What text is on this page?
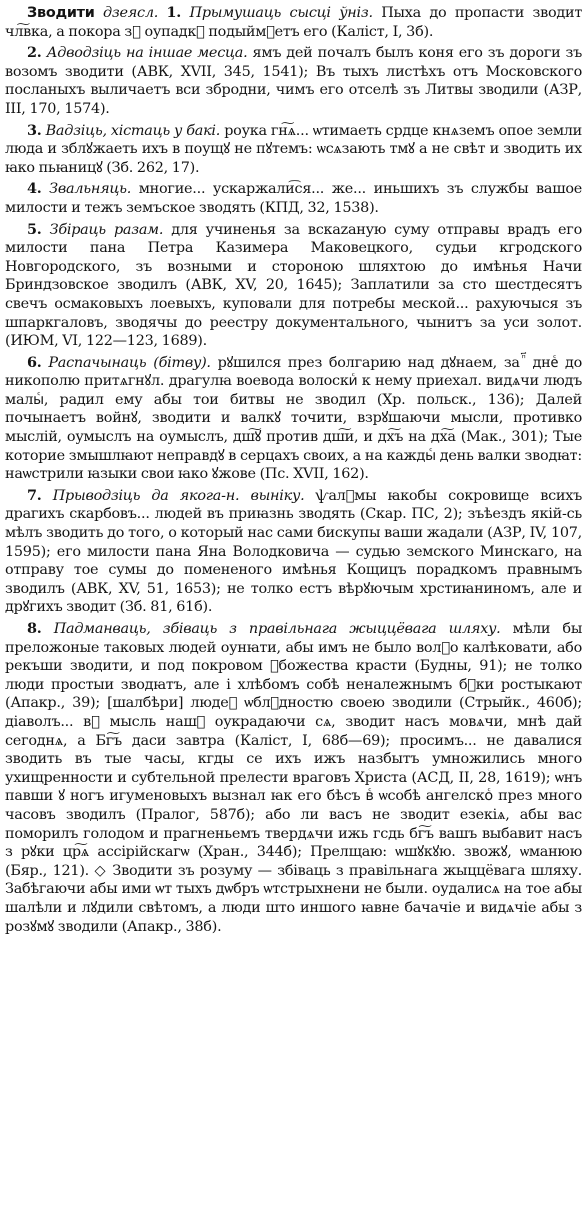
Зводити дзеясл. 1. Прымушаць сысці ўніз. Пыха до пропасти зводит чл͠вка, а покора зⷭ оупадкꙋ подыймꙋетъ его (Каліст, I, 3б).

2. Адводзіць на іншае месца. ямъ дей почалъ былъ коня его зъ дороги зъ возомъ зводити (АВК, XVII, 345, 1541); Въ тыхъ листѣхъ отъ Московского посланыхъ выличаетъ вси збродни, чимъ его отселѣ зъ Литвы зводили (АЗР, III, 170, 1574).

3. Вадзіць, хістаць у бакі. роука гн͠ѧ... ѡтимаеть срдце кнѧземъ опое земли люда и зблꙋжаеть ихъ в поущꙋ не пꙋтемъ: ѡсѧзають тмꙋ а не свѣт и зводить их ꙗко пьꙗницꙋ (Зб. 262, 17).

4. Звальняць. многие... ускаржали͡ся... же... иньшихъ зъ службы вашое милости и тежъ земъское зводять (КПД, 32, 1538).

5. Збіраць разам. для учиненья за вскazаную суму отправы врадъ его милости пана Петра Казимера Маковецкого, судьи кгродского Новгородского, зъ возными и стороною шляхтою до имѣнья Начи Бриндзовское зводилъ (АВК, XV, 20, 1645); Заплатили за сто шестдесятъ свечъ осмаковыхъ лоевыхъ, куповали для потребы меской... рахуючыся зъ шпаркгаловъ, зводячы до реестру документального, чынитъ за уси золот. (ИЮМ, VI, 122—123, 1689).

6. Распачынаць (бітву). рꙋшился през болгарию над дꙋнаем, за ⷫ҃ днеⷭ до никополю притѧгнꙋл. драгулꙗ воевода волоскиⷭ к нему приехал. видѧчи людъ малыⷭ, радил ему абы тои битвы не зводил (Хр. польск., 136); Далей почынаетъ войнꙋ, зводити и валкꙋ точити, взрꙋшаючи мысли, противко мыслій, оумыслъ на оумыслъ, дш͠ꙋ против дш͠и, и дх͠ъ на дх͠а (Мак., 301); Тые которие змышлꙗют неправдꙋ в серцахъ своих, а на каждыⷭ день валки зводꙗт: наѡстрили ꙗзыки свои ꙗко ꙋжове (Пс. XVII, 162).

7. Прыводзіць да якога-н. выніку. ѱалⷭмы ꙗкобы сокровище всихъ драгихъ скарбовъ... людей въ приꙗзнь зводять (Скар. ПС, 2); зъѣездъ якій-сь мѣлъ зводить до того, о который нас сами бискупы ваши жадали (АЗР, IV, 107, 1595); его милости пана Яна Володковича — судью земского Минскаго, на отправу тое сумы до помененого имѣнья Кощицъ порадкомъ правнымъ зводилъ (АВК, XV, 51, 1653); не толко естъ вѣрꙋючым хрстиꙗниномъ, але и дрꙋгихъ зводит (Зб. 81, 61б).

8. Падманваць, збіваць з правільнага жыццёвага шляху. мѣли бы преложоные таковых людей оунꙗти, абы имъ не было волⷩо калѣковати, або рекъши зводити, и под покровом ꙋбожества красти (Будны, 91); не толко люди простыи зводꙗтъ, але і хлѣбомъ собѣ неналежнымъ бꙋки ростыкают (Апакр., 39); [шалбѣри] людеⷭ ѡблꙋдностю своею зводили (Стрыйк., 460б); діаволъ... вⷭ мысль нашꙋ оукрадаючи сѧ, зводит насъ мовѧчи, мнѣ дай сегоднѧ, а Бг͠ъ даси завтра (Каліст, I, 68б—69); просимъ... не давалися зводить въ тые часы, кгды се ихъ ижъ назбытъ умножились много ухищренности и субтельной прелести враговъ Христа (АСД, II, 28, 1619); ѡнъ павши ꙋ ногъ игуменовыхъ вызнал ꙗк его бѣсъ вⷭ ѡсобѣ ангелскоⷭ през много часовъ зводилъ (Пралог, 587б); або ли васъ не зводит езекіѧ, абы вас поморилъ голодом и прагненьемъ твердѧчи ижь гсдь бг͠ъ вашъ выбавит насъ з рꙋки цр͠ѧ ассірійскагѡ (Хран., 344б); Прелщаю: ѡшꙋкꙋю. звожꙋ, ѡманюю (Бяр., 121). ◇ Зводити зъ розуму — збіваць з правільнага жыццёвага шляху. Забѣгаючи абы ими ѡт тыхъ дѡбръ ѡтстрыхнени не были. оудалисѧ на тое абы шалѣли и лꙋдили свѣтомъ, а люди што иншого ꙗвне бачачіе и видѧчіе абы з розꙋмꙋ зводили (Апакр., 38б).
